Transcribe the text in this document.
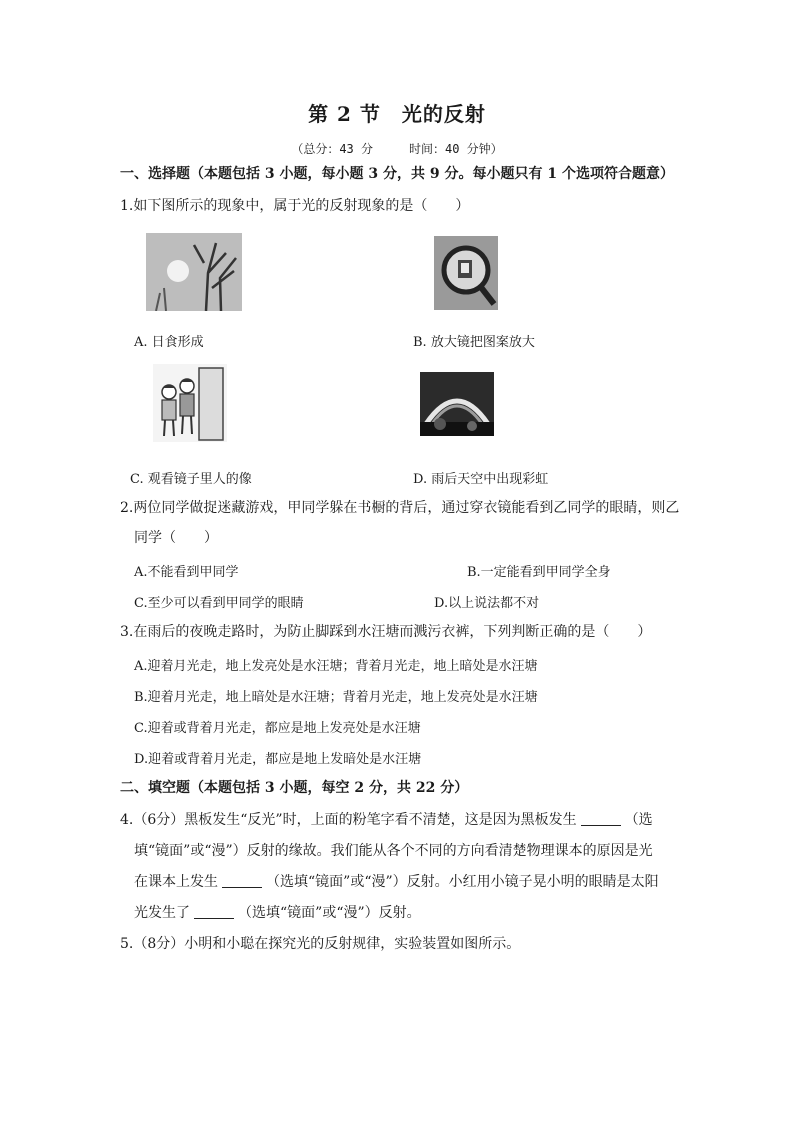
第 2 节　光的反射
（总分：43 分　　　时间：40 分钟）
一、选择题（本题包括 3 小题，每小题 3 分，共 9 分。每小题只有 1 个选项符合题意）
1.如下图所示的现象中，属于光的反射现象的是（　　）
A. 日食形成	B. 放大镜把图案放大
C. 观看镜子里人的像	D. 雨后天空中出现彩虹
2.两位同学做捉迷藏游戏，甲同学躲在书橱的背后，通过穿衣镜能看到乙同学的眼睛，则乙
同学（　　）
A.不能看到甲同学	B.一定能看到甲同学全身
C.至少可以看到甲同学的眼睛	D.以上说法都不对
3.在雨后的夜晚走路时，为防止脚踩到水汪塘而溅污衣裤，下列判断正确的是（　　）
A.迎着月光走，地上发亮处是水汪塘；背着月光走，地上暗处是水汪塘
B.迎着月光走，地上暗处是水汪塘；背着月光走，地上发亮处是水汪塘
C.迎着或背着月光走，都应是地上发亮处是水汪塘
D.迎着或背着月光走，都应是地上发暗处是水汪塘
二、填空题（本题包括 3 小题，每空 2 分，共 22 分）
4.（6分）黑板发生“反光”时，上面的粉笔字看不清楚，这是因为黑板发生	（选
填“镜面”或“漫”）反射的缘故。我们能从各个不同的方向看清楚物理课本的原因是光
在课本上发生	（选填“镜面”或“漫”）反射。小红用小镜子晃小明的眼睛是太阳
光发生了	（选填“镜面”或“漫”）反射。
5.（8分）小明和小聪在探究光的反射规律，实验装置如图所示。
